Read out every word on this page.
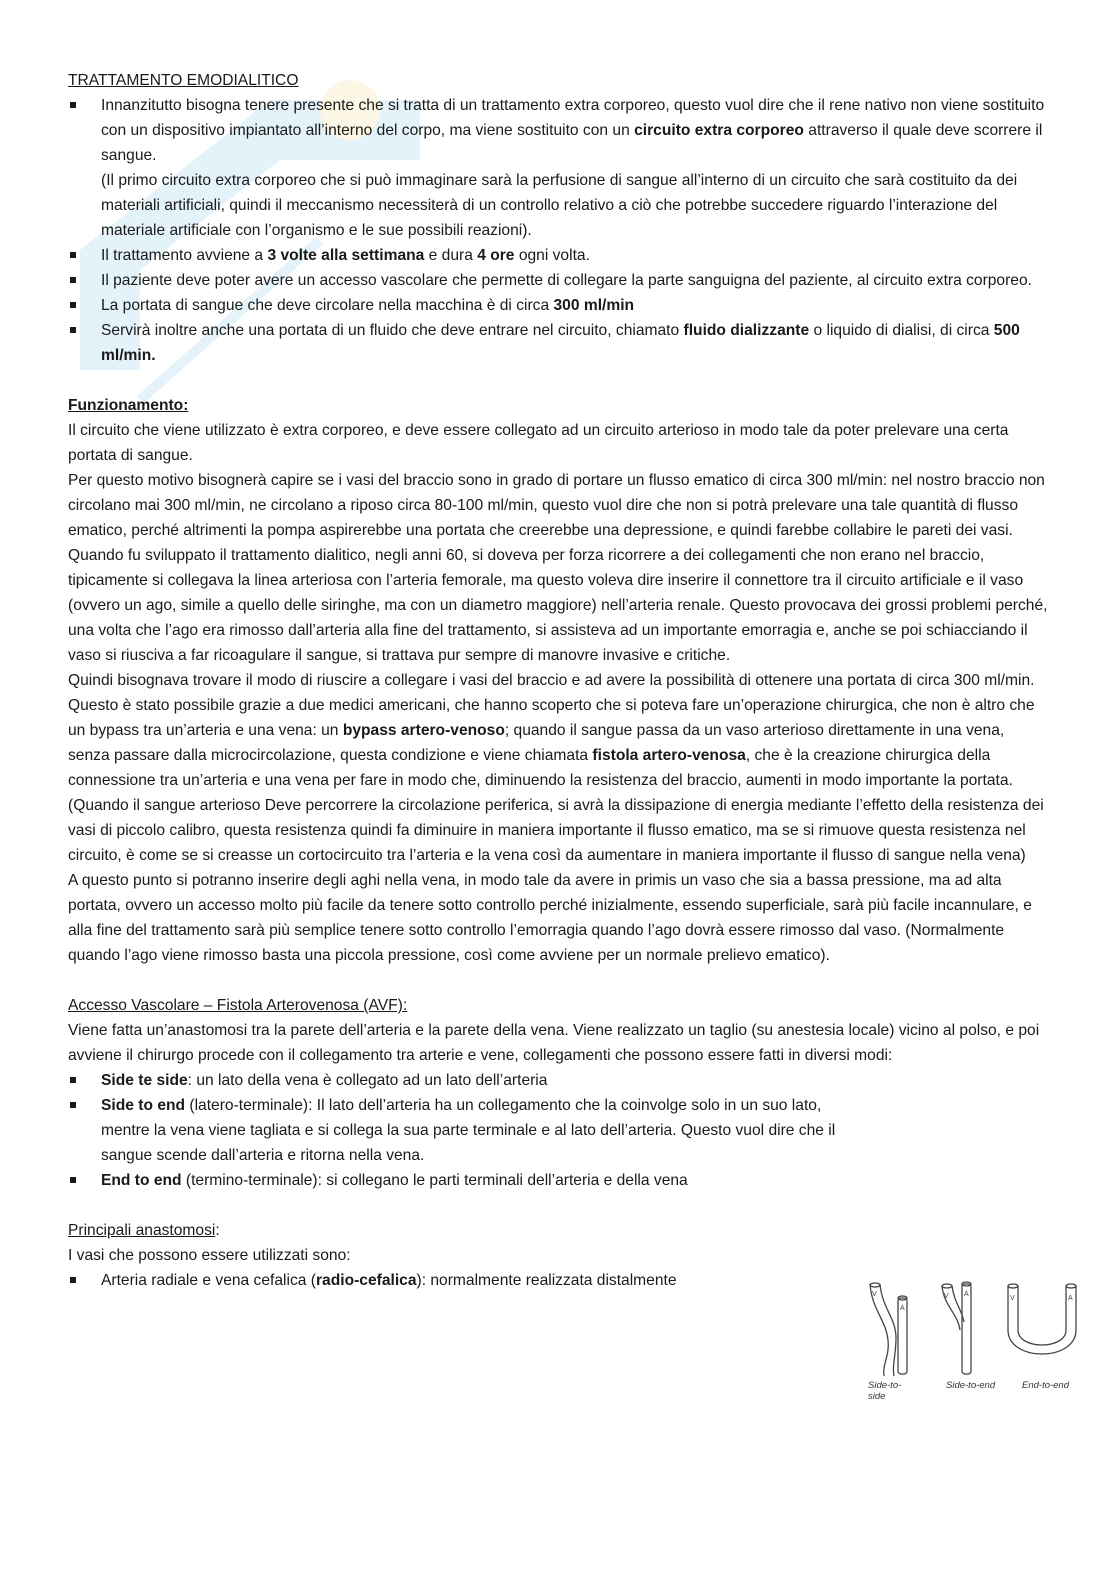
TRATTAMENTO EMODIALITICO

Innanzitutto bisogna tenere presente che si tratta di un trattamento extra corporeo, questo vuol dire che il rene nativo non viene sostituito con un dispositivo impiantato all’interno del corpo, ma viene sostituito con un circuito extra corporeo attraverso il quale deve scorrere il sangue.
(Il primo circuito extra corporeo che si può immaginare sarà la perfusione di sangue all’interno di un circuito che sarà costituito da dei materiali artificiali, quindi il meccanismo necessiterà di un controllo relativo a ciò che potrebbe succedere riguardo l’interazione del materiale artificiale con l’organismo e le sue possibili reazioni).
Il trattamento avviene a 3 volte alla settimana e dura 4 ore ogni volta.
Il paziente deve poter avere un accesso vascolare che permette di collegare la parte sanguigna del paziente, al circuito extra corporeo.
La portata di sangue che deve circolare nella macchina è di circa 300 ml/min
Servirà inoltre anche una portata di un fluido che deve entrare nel circuito, chiamato fluido dializzante o liquido di dialisi, di circa 500 ml/min.

Funzionamento:

Il circuito che viene utilizzato è extra corporeo, e deve essere collegato ad un circuito arterioso in modo tale da poter prelevare una certa portata di sangue.

Per questo motivo bisognerà capire se i vasi del braccio sono in grado di portare un flusso ematico di circa 300 ml/min: nel nostro braccio non circolano mai 300 ml/min, ne circolano a riposo circa 80-100 ml/min, questo vuol dire che non si potrà prelevare una tale quantità di flusso ematico, perché altrimenti la pompa aspirerebbe una portata che creerebbe una depressione, e quindi farebbe collabire le pareti dei vasi.

Quando fu sviluppato il trattamento dialitico, negli anni 60, si doveva per forza ricorrere a dei collegamenti che non erano nel braccio, tipicamente si collegava la linea arteriosa con l’arteria femorale, ma questo voleva dire inserire il connettore tra il circuito artificiale e il vaso (ovvero un ago, simile a quello delle siringhe, ma con un diametro maggiore) nell’arteria renale. Questo provocava dei grossi problemi perché, una volta che l’ago era rimosso dall’arteria alla fine del trattamento, si assisteva ad un importante emorragia e, anche se poi schiacciando il vaso si riusciva a far ricoagulare il sangue, si trattava pur sempre di manovre invasive e critiche.

Quindi bisognava trovare il modo di riuscire a collegare i vasi del braccio e ad avere la possibilità di ottenere una portata di circa 300 ml/min.

Questo è stato possibile grazie a due medici americani, che hanno scoperto che si poteva fare un’operazione chirurgica, che non è altro che un bypass tra un’arteria e una vena: un bypass artero-venoso; quando il sangue passa da un vaso arterioso direttamente in una vena, senza passare dalla microcircolazione, questa condizione e viene chiamata fistola artero-venosa, che è la creazione chirurgica della connessione tra un’arteria e una vena per fare in modo che, diminuendo la resistenza del braccio, aumenti in modo importante la portata.

(Quando il sangue arterioso Deve percorrere la circolazione periferica, si avrà la dissipazione di energia mediante l’effetto della resistenza dei vasi di piccolo calibro, questa resistenza quindi fa diminuire in maniera importante il flusso ematico, ma se si rimuove questa resistenza nel circuito, è come se si creasse un cortocircuito tra l’arteria e la vena così da aumentare in maniera importante il flusso di sangue nella vena)

A questo punto si potranno inserire degli aghi nella vena, in modo tale da avere in primis un vaso che sia a bassa pressione, ma ad alta portata, ovvero un accesso molto più facile da tenere sotto controllo perché inizialmente, essendo superficiale, sarà più facile incannulare, e alla fine del trattamento sarà più semplice tenere sotto controllo l’emorragia quando l’ago dovrà essere rimosso dal vaso. (Normalmente quando l’ago viene rimosso basta una piccola pressione, così come avviene per un normale prelievo ematico).

Accesso Vascolare – Fistola Arterovenosa (AVF):

Viene fatta un’anastomosi tra la parete dell’arteria e la parete della vena. Viene realizzato un taglio (su anestesia locale) vicino al polso, e poi avviene il chirurgo procede con il collegamento tra arterie e vene, collegamenti che possono essere fatti in diversi modi:

Side te side: un lato della vena è collegato ad un lato dell’arteria
Side to end (latero-terminale): Il lato dell’arteria ha un collegamento che la coinvolge solo in un suo lato, mentre la vena viene tagliata e si collega la sua parte terminale e al lato dell’arteria. Questo vuol dire che il sangue scende dall’arteria e ritorna nella vena.
End to end (termino-terminale): si collegano le parti terminali dell’arteria e della vena

Principali anastomosi:

I vasi che possono essere utilizzati sono:

Arteria radiale e vena cefalica (radio-cefalica): normalmente realizzata distalmente
V
A
V A
V	A
Side-to-side
Side-to-end	End-to-end
